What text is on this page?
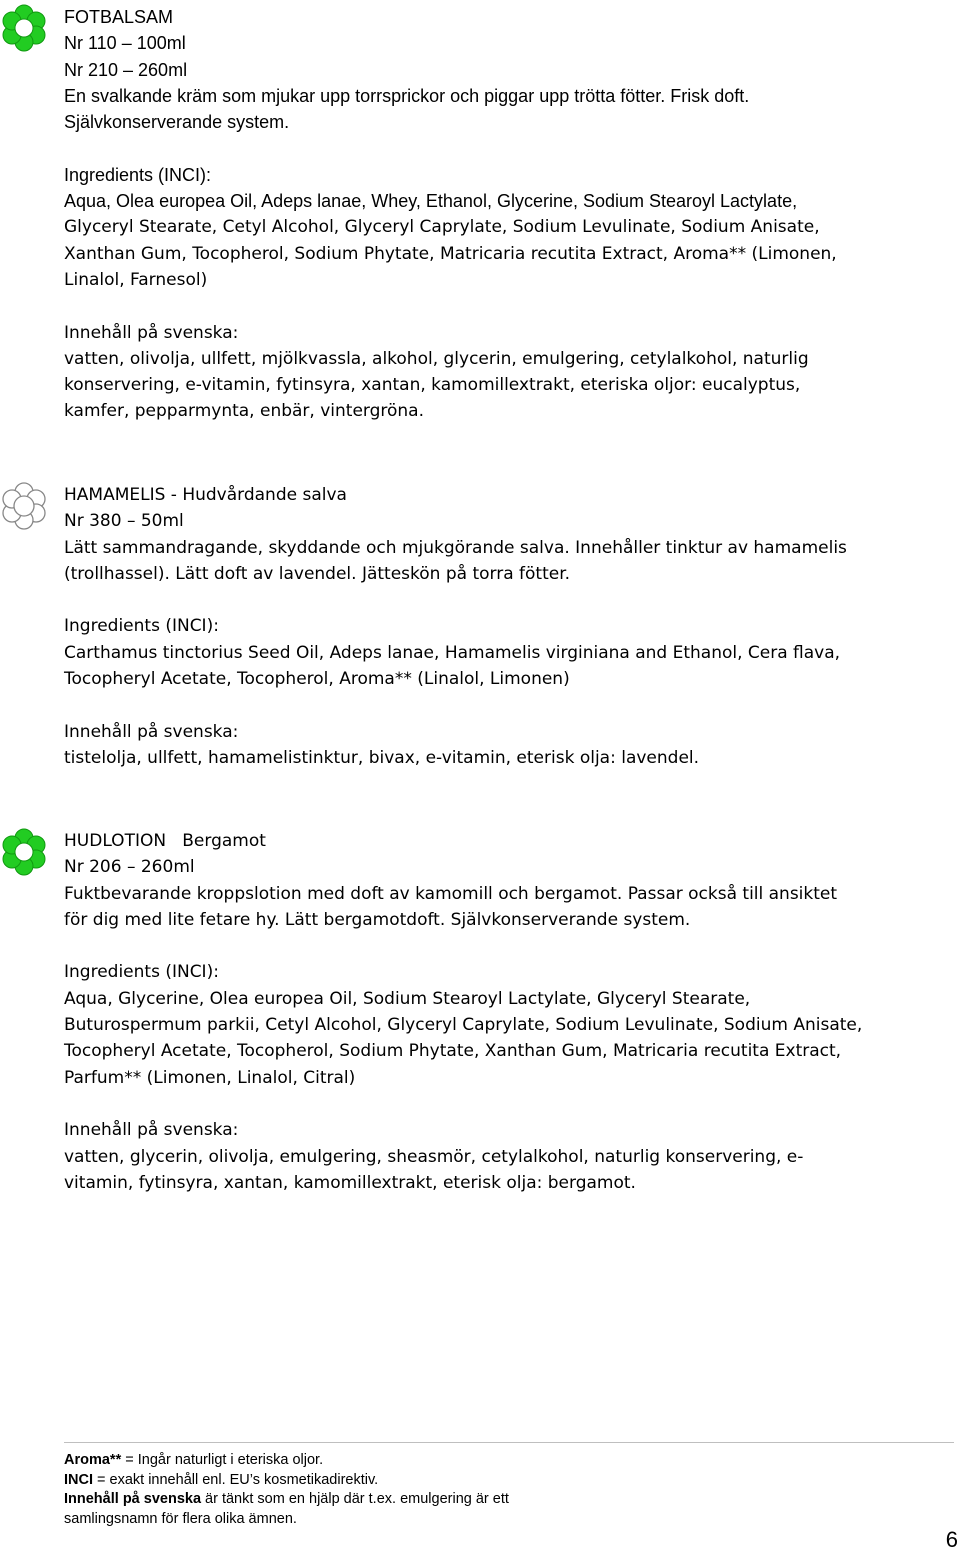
FOTBALSAM

Nr 110 – 100ml

Nr 210 – 260ml

En svalkande kräm som mjukar upp torrsprickor och piggar upp trötta fötter. Frisk doft.

Självkonserverande system.

Ingredients (INCI):

Aqua, Olea europea Oil, Adeps lanae, Whey, Ethanol, Glycerine, Sodium Stearoyl Lactylate,

Glyceryl Stearate, Cetyl Alcohol, Glyceryl Caprylate, Sodium Levulinate, Sodium Anisate,

Xanthan Gum, Tocopherol, Sodium Phytate, Matricaria recutita Extract, Aroma** (Limonen,

Linalol, Farnesol)

Innehåll på svenska:

vatten, olivolja, ullfett, mjölkvassla, alkohol, glycerin, emulgering, cetylalkohol, naturlig

konservering, e-vitamin, fytinsyra, xantan, kamomillextrakt, eteriska oljor: eucalyptus,

kamfer, pepparmynta, enbär, vintergröna.

HAMAMELIS - Hudvårdande salva

Nr 380 – 50ml

Lätt sammandragande, skyddande och mjukgörande salva. Innehåller tinktur av hamamelis

(trollhassel). Lätt doft av lavendel. Jätteskön på torra fötter.

Ingredients (INCI):

Carthamus tinctorius Seed Oil, Adeps lanae, Hamamelis virginiana and Ethanol, Cera flava,

Tocopheryl Acetate, Tocopherol, Aroma** (Linalol, Limonen)

Innehåll på svenska:

tistelolja, ullfett, hamamelistinktur, bivax, e-vitamin, eterisk olja: lavendel.

HUDLOTION   Bergamot

Nr 206 – 260ml

Fuktbevarande kroppslotion med doft av kamomill och bergamot. Passar också till ansiktet

för dig med lite fetare hy. Lätt bergamotdoft. Självkonserverande system.

Ingredients (INCI):

Aqua, Glycerine, Olea europea Oil, Sodium Stearoyl Lactylate, Glyceryl Stearate,

Buturospermum parkii, Cetyl Alcohol, Glyceryl Caprylate, Sodium Levulinate, Sodium Anisate,

Tocopheryl Acetate, Tocopherol, Sodium Phytate, Xanthan Gum, Matricaria recutita Extract,

Parfum** (Limonen, Linalol, Citral)

Innehåll på svenska:

vatten, glycerin, olivolja, emulgering, sheasmör, cetylalkohol, naturlig konservering, e-

vitamin, fytinsyra, xantan, kamomillextrakt, eterisk olja: bergamot.

Aroma** = Ingår naturligt i eteriska oljor.

INCI = exakt innehåll enl. EU’s kosmetikadirektiv.

Innehåll på svenska är tänkt som en hjälp där t.ex. emulgering är ett

samlingsnamn för flera olika ämnen.

6
